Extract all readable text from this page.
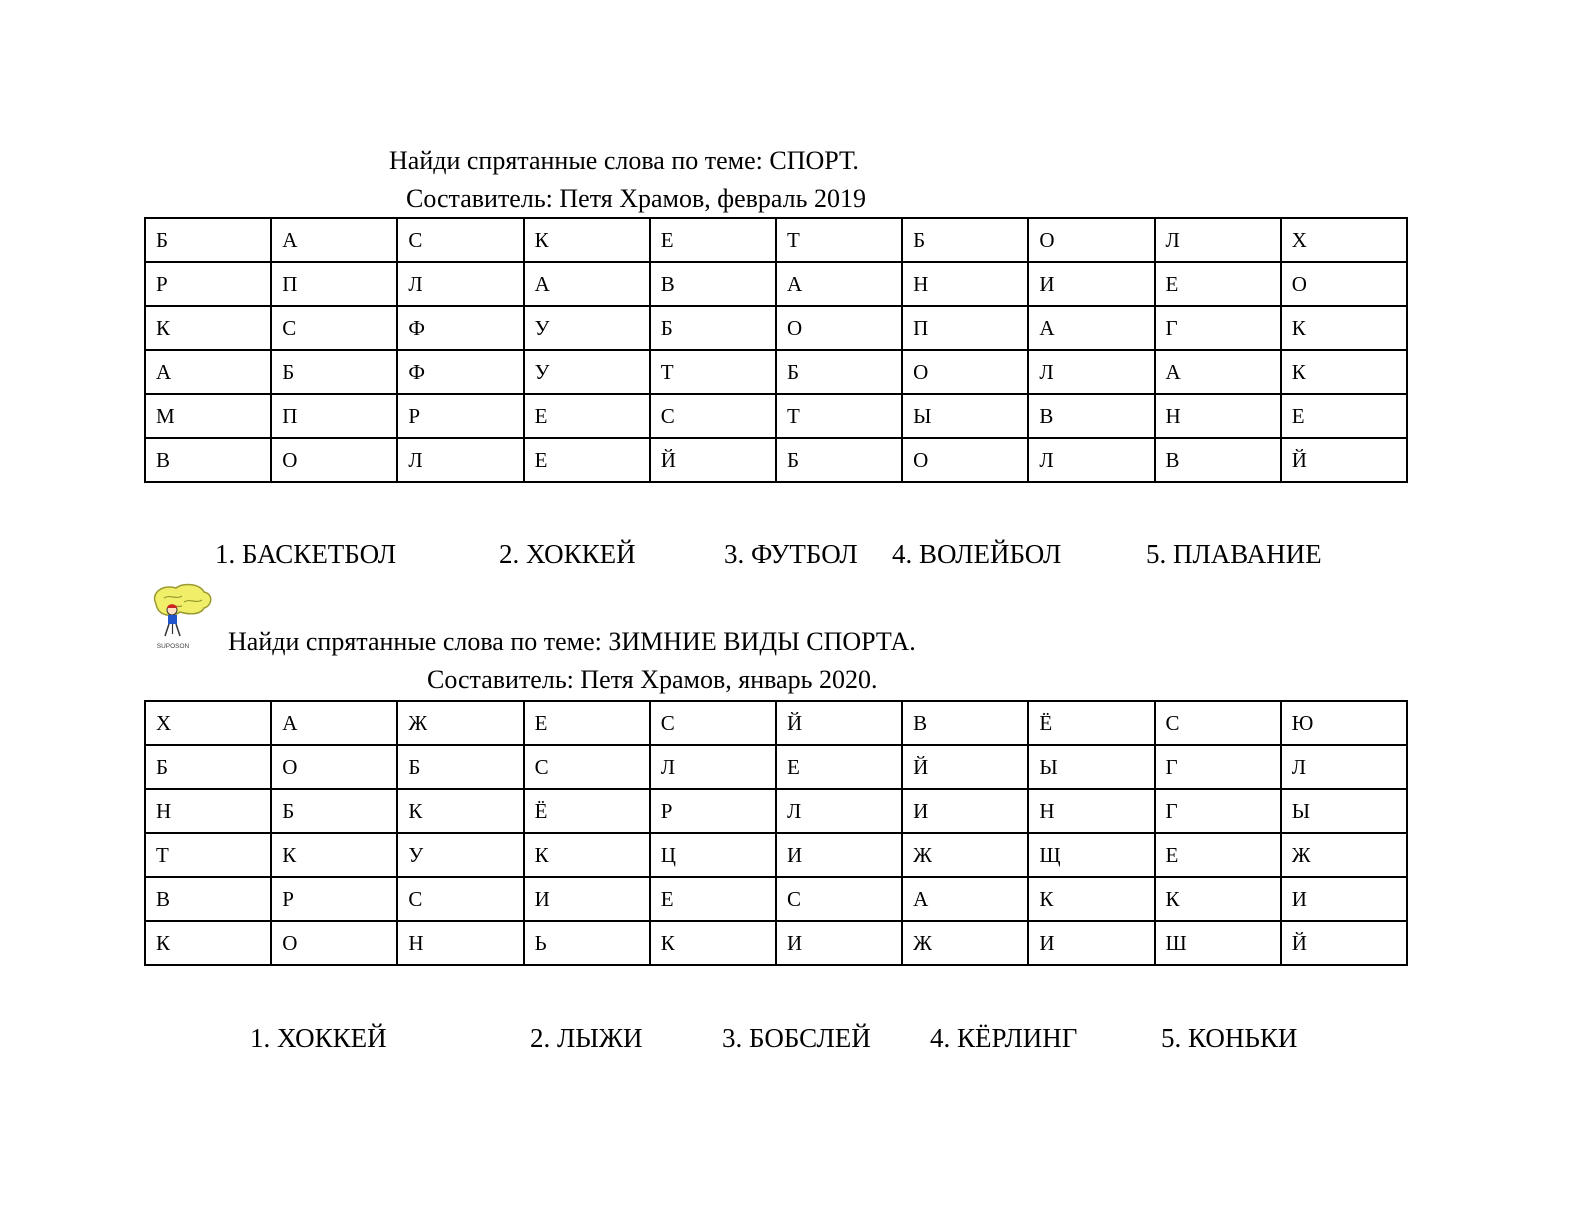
Найди спрятанные слова по теме: СПОРТ.
Составитель: Петя Храмов, февраль 2019
Б	А	С	К	Е	Т	Б	О	Л	Х
Р	П	Л	А	В	А	Н	И	Е	О
К	С	Ф	У	Б	О	П	А	Г	К
А	Б	Ф	У	Т	Б	О	Л	А	К
М	П	Р	Е	С	Т	Ы	В	Н	Е
В	О	Л	Е	Й	Б	О	Л	В	Й
1. БАСКЕТБОЛ	2. ХОККЕЙ	3. ФУТБОЛ 4. ВОЛЕЙБОЛ	5. ПЛАВАНИЕ
SUPOSON Найди спрятанные слова по теме: ЗИМНИЕ ВИДЫ СПОРТА.
Составитель: Петя Храмов, январь 2020.
Х	А	Ж	Е	С	Й	В	Ё	С	Ю
Б	О	Б	С	Л	Е	Й	Ы	Г	Л
Н	Б	К	Ё	Р	Л	И	Н	Г	Ы
Т	К	У	К	Ц	И	Ж	Щ	Е	Ж
В	Р	С	И	Е	С	А	К	К	И
К	О	Н	Ь	К	И	Ж	И	Ш	Й
1. ХОККЕЙ	2. ЛЫЖИ	3. БОБСЛЕЙ 4. КЁРЛИНГ	5. КОНЬКИ
